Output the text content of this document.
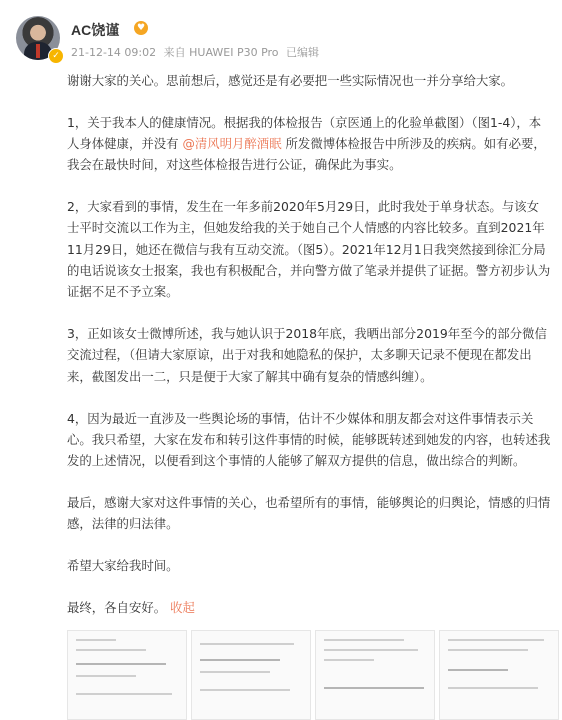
✓
AC饶谨	♥
21-12-14 09:02 来自 HUAWEI P30 Pro 已编辑

谢谢大家的关心。思前想后，感觉还是有必要把一些实际情况也一并分享给大家。

1，关于我本人的健康情况。根据我的体检报告（京医通上的化验单截图）（图1-4），本人身体健康，并没有 @清风明月醉酒眠 所发微博体检报告中所涉及的疾病。如有必要，我会在最快时间，对这些体检报告进行公证，确保此为事实。

2，大家看到的事情，发生在一年多前2020年5月29日，此时我处于单身状态。与该女士平时交流以工作为主，但她发给我的关于她自己个人情感的内容比较多。直到2021年11月29日，她还在微信与我有互动交流。（图5）。2021年12月1日我突然接到徐汇分局的电话说该女士报案，我也有积极配合，并向警方做了笔录并提供了证据。警方初步认为证据不足不予立案。

3，正如该女士微博所述，我与她认识于2018年底，我晒出部分2019年至今的部分微信交流过程，（但请大家原谅，出于对我和她隐私的保护，太多聊天记录不便现在都发出来，截图发出一二，只是便于大家了解其中确有复杂的情感纠缠）。

4，因为最近一直涉及一些舆论场的事情，估计不少媒体和朋友都会对这件事情表示关心。我只希望，大家在发布和转引这件事情的时候，能够既转述到她发的内容，也转述我发的上述情况，以便看到这个事情的人能够了解双方提供的信息，做出综合的判断。

最后，感谢大家对这件事情的关心，也希望所有的事情，能够舆论的归舆论，情感的归情感，法律的归法律。

希望大家给我时间。

最终，各自安好。 收起
